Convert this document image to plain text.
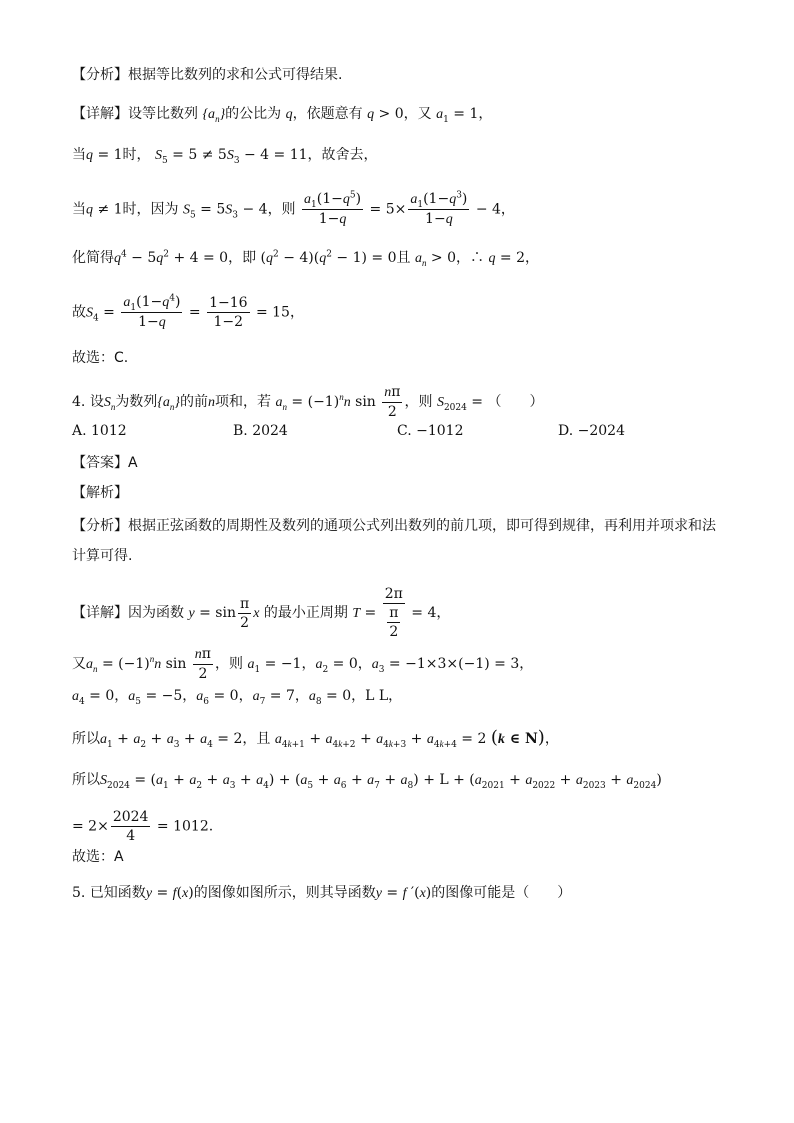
【分析】根据等比数列的求和公式可得结果.
【详解】设等比数列 $\{a_n\}$的公比为 q，依题意有 q > 0，又 $a_1 = 1$，
当q = 1时， $S_5 = 5 \ne 5S_3 - 4 = 11$，故舍去，
当q ≠ 1时，因为 $S_5 = 5S_3 - 4$，则 $\frac{a_1(1-q^5)}{1-q} = 5\times \frac{a_1(1-q^3)}{1-q} - 4$，
化简得$q^4 - 5q^2 + 4 = 0$，即 $(q^2 - 4)(q^2 - 1) = 0$且 $a_n > 0$，∴ q = 2，
故$S_4 = \frac{a_1(1-q^4)}{1-q} = \frac{1-16}{1-2} = 15$，
故选：C.
4. 设$S_n$为数列$\{a_n\}$的前n项和，若 $a_n = (-1)^nn$ $\sin \frac{n\pi}{2}$ ，则 $S_{2024}$ = （　　）
A. 1012	B. 2024	C. −1012	D. −2024
【答案】A
【解析】
【分析】根据正弦函数的周期性及数列的通项公式列出数列的前几项，即可得到规律，再利用并项求和法
计算可得.
【详解】因为函数 $y = \sin \frac{\pi}{2}$ x 的最小正周期 $T = \frac{2\pi}{\frac{\pi}{2}} = 4$，
又$a_n = (-1)^nn$ $\sin \frac{n\pi}{2}$ ，则 $a_1 = -1$，$a_2 = 0$，$a_3 = -1\times 3\times(-1) = 3$，
$a_4 = 0$，$a_5 = -5$，$a_6 = 0$，$a_7 = 7$，$a_8 = 0$，L L，
所以$a_1 + a_2 + a_3 + a_4 = 2$，且 $a_{4k+1} + a_{4k+2} + a_{4k+3} + a_{4k+4} = 2$ (k ∈ N)，
所以$S_{2024} = (a_1 + a_2 + a_3 + a_4) + (a_5 + a_6 + a_7 + a_8) + L + (a_{2021} + a_{2022} + a_{2023} + a_{2024})$
= $2\times \frac{2024}{4} = 1012$.
故选：A
5. 已知函数y = f(x)的图像如图所示，则其导函数y = f ′(x)的图像可能是（　　）
